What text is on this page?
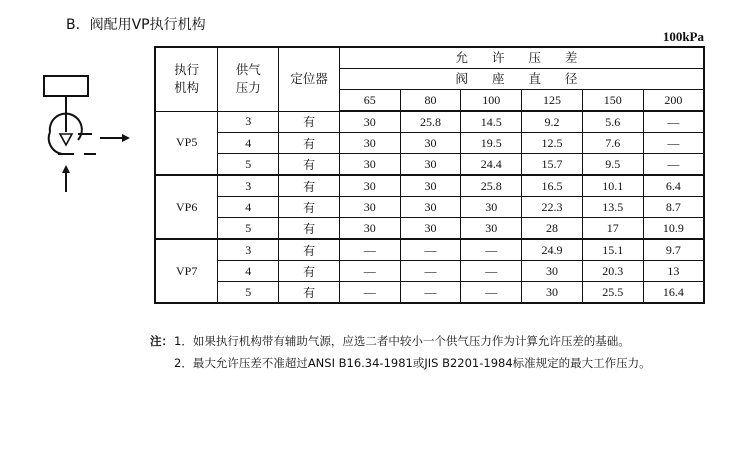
B．阀配用VP执行机构
100kPa
执行机构	供气压力	定位器	允 许 压 差					
			阀 座 直 径					
			65	80	100	125	150	200
VP5	3	有	30	25.8	14.5	9.2	5.6	—
	4	有	30	30	19.5	12.5	7.6	—
	5	有	30	30	24.4	15.7	9.5	—
VP6	3	有	30	30	25.8	16.5	10.1	6.4
	4	有	30	30	30	22.3	13.5	8.7
	5	有	30	30	30	28	17	10.9
VP7	3	有	—	—	—	24.9	15.1	9.7
	4	有	—	—	—	30	20.3	13
	5	有	—	—	—	30	25.5	16.4
注： 1．如果执行机构带有辅助气源，应选二者中较小一个供气压力作为计算允许压差的基础。
2．最大允许压差不准超过ANSI B16.34-1981或JIS B2201-1984标准规定的最大工作压力。
